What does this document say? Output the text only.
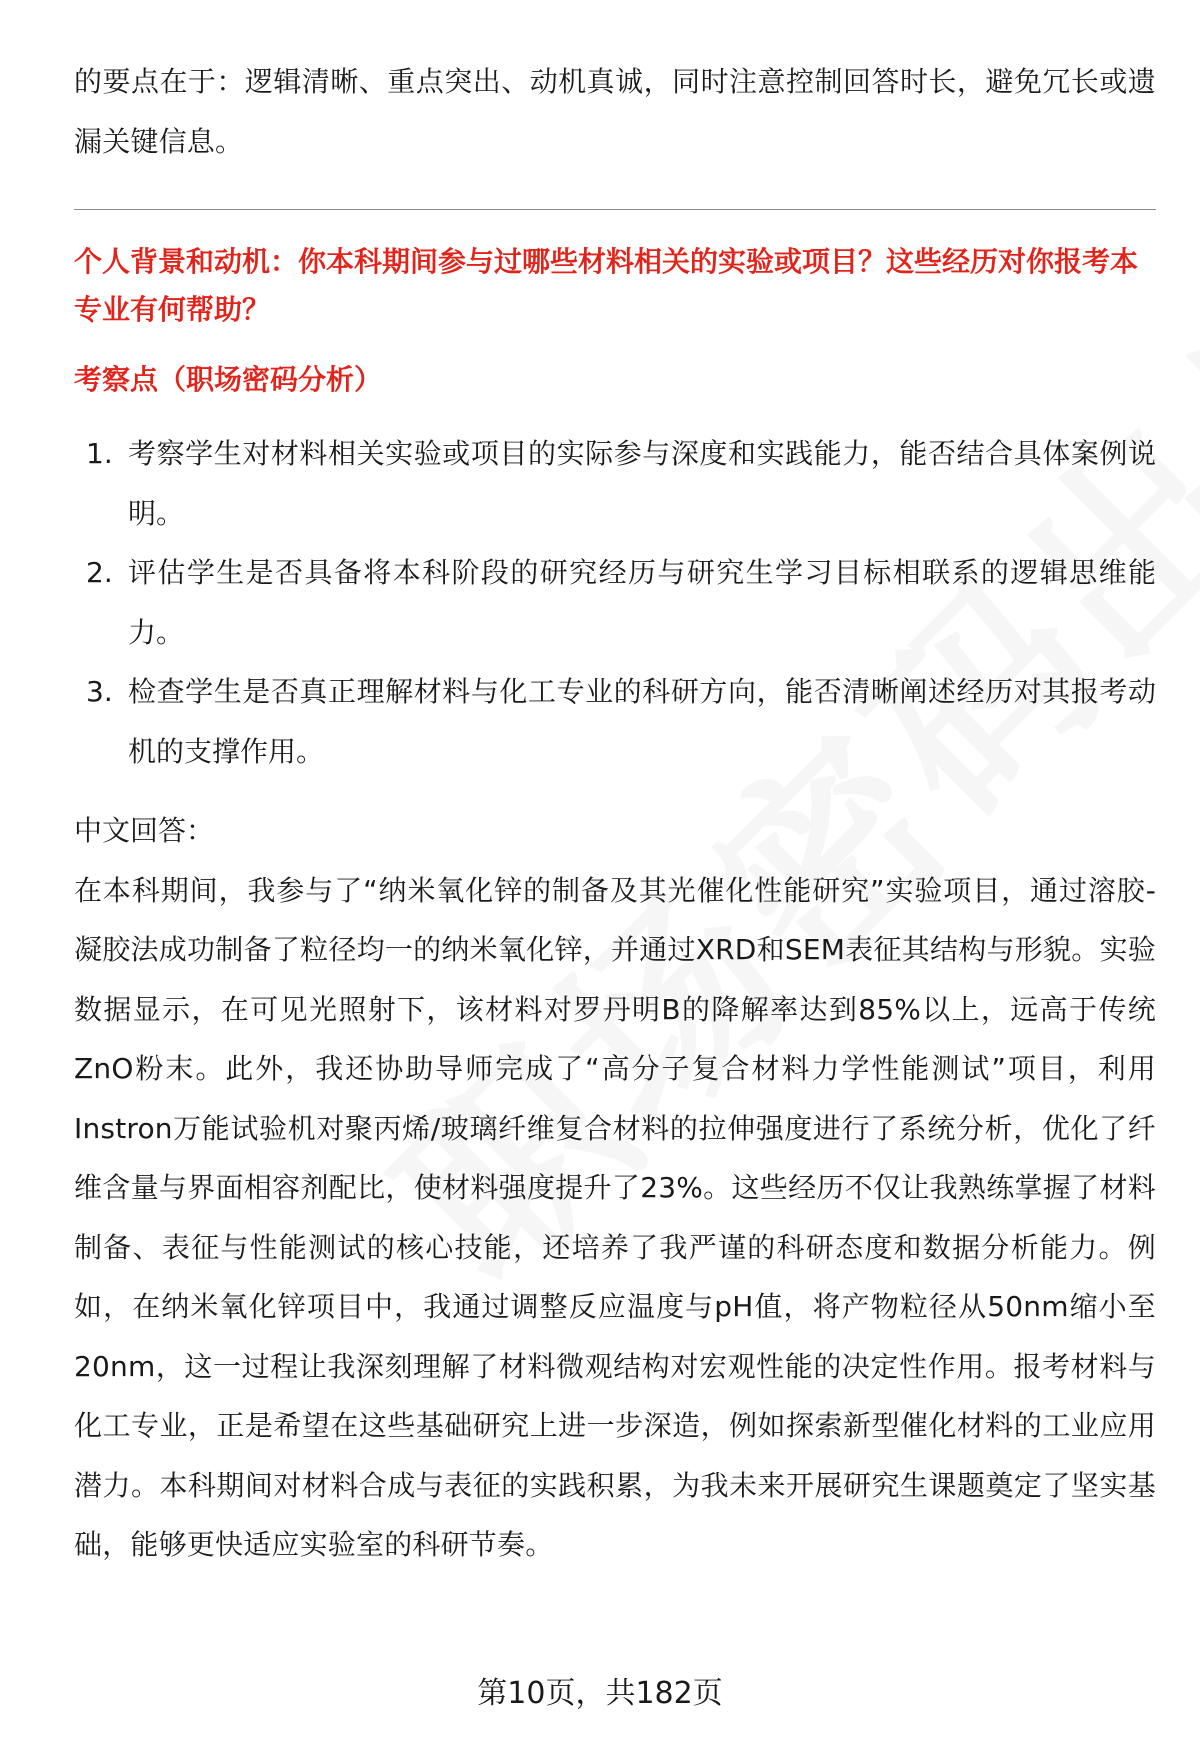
的要点在于：逻辑清晰、重点突出、动机真诚，同时注意控制回答时长，避免冗长或遗漏关键信息。

个人背景和动机：你本科期间参与过哪些材料相关的实验或项目？这些经历对你报考本专业有何帮助？

考察点（职场密码分析）

1. 考察学生对材料相关实验或项目的实际参与深度和实践能力，能否结合具体案例说明。
2. 评估学生是否具备将本科阶段的研究经历与研究生学习目标相联系的逻辑思维能力。
3. 检查学生是否真正理解材料与化工专业的科研方向，能否清晰阐述经历对其报考动机的支撑作用。

中文回答：

在本科期间，我参与了“纳米氧化锌的制备及其光催化性能研究”实验项目，通过溶胶-凝胶法成功制备了粒径均一的纳米氧化锌，并通过XRD和SEM表征其结构与形貌。实验数据显示，在可见光照射下，该材料对罗丹明B的降解率达到85%以上，远高于传统ZnO粉末。此外，我还协助导师完成了“高分子复合材料力学性能测试”项目，利用Instron万能试验机对聚丙烯/玻璃纤维复合材料的拉伸强度进行了系统分析，优化了纤维含量与界面相容剂配比，使材料强度提升了23%。这些经历不仅让我熟练掌握了材料制备、表征与性能测试的核心技能，还培养了我严谨的科研态度和数据分析能力。例如，在纳米氧化锌项目中，我通过调整反应温度与pH值，将产物粒径从50nm缩小至20nm，这一过程让我深刻理解了材料微观结构对宏观性能的决定性作用。报考材料与化工专业，正是希望在这些基础研究上进一步深造，例如探索新型催化材料的工业应用潜力。本科期间对材料合成与表征的实践积累，为我未来开展研究生课题奠定了坚实基础，能够更快适应实验室的科研节奏。

第10页，共182页
